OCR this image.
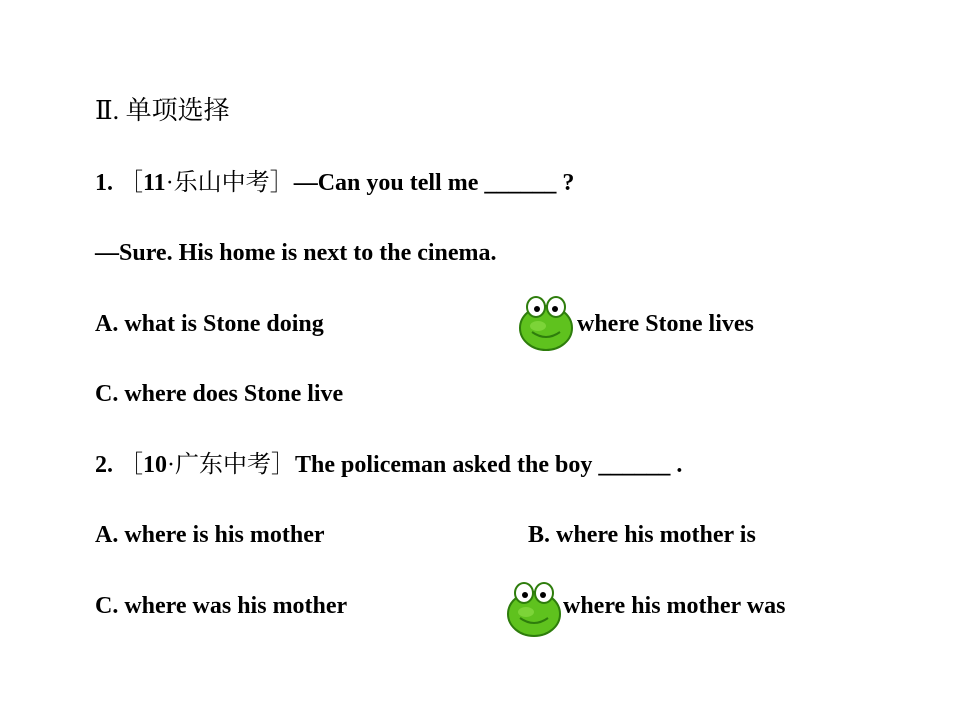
Ⅱ. 单项选择
1. ［11·乐山中考］—Can you tell me ______ ?
—Sure. His home is next to the cinema.
A. what is Stone doing	where Stone lives
C. where does Stone live
2. ［10·广东中考］The policeman asked the boy ______ .
A. where is his mother	B. where his mother is
C. where was his mother	where his mother was
